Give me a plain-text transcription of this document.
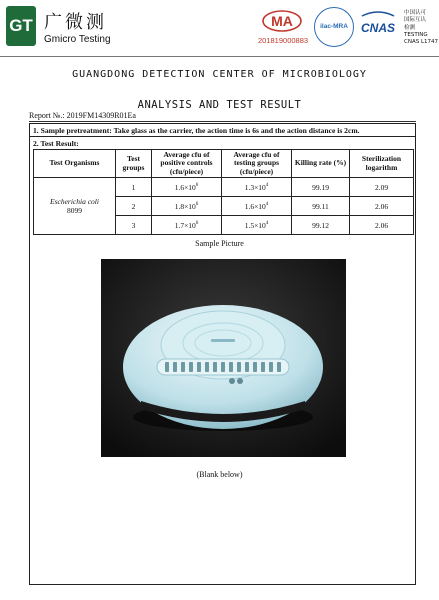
GT 广微测
Gmicro Testing
MA
201819000883
ilac-MRA	CNAS
中国认可
国际互认
检测
TESTING
CNAS L1747
GUANGDONG DETECTION CENTER OF MICROBIOLOGY
ANALYSIS AND TEST RESULT
Report №.: 2019FM14309R01Ea
1. Sample pretreatment: Take glass as the carrier, the action time is 6s and the action distance is 2cm.
2. Test Result:
Test Organisms	Test groups	Average cfu of positive controls (cfu/piece)	Average cfu of testing groups (cfu/piece)	Killing rate (%)	Sterilization logarithm

Escherichia coli
8099	1	$1.6\times 10^6$	$1.3\times 10^4$	99.19	2.09
	2	$1.8\times 10^6$	$1.6\times 10^4$	99.11	2.06
	3	$1.7\times 10^6$	$1.5\times 10^4$	99.12	2.06
Sample Picture
(Blank below)
